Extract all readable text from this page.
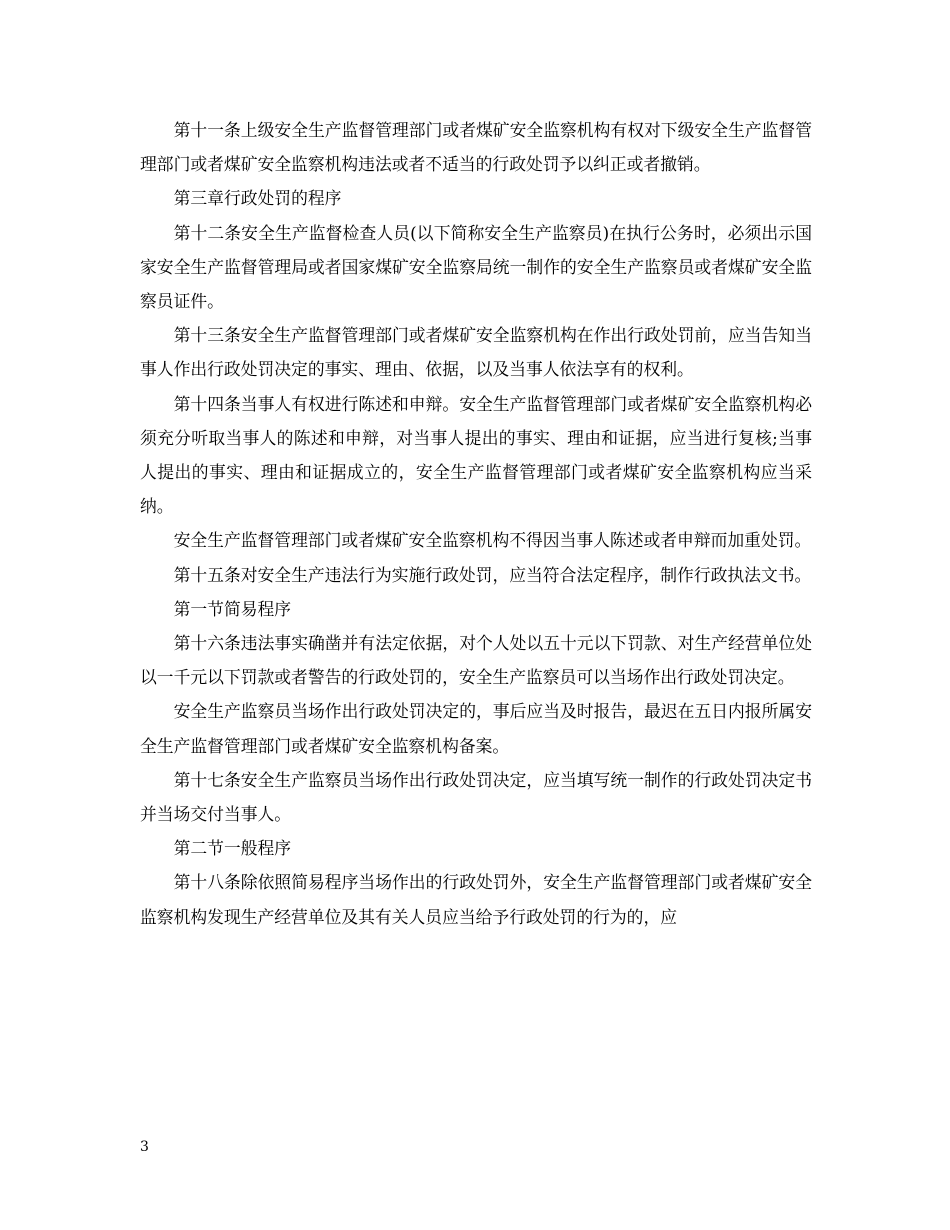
第十一条上级安全生产监督管理部门或者煤矿安全监察机构有权对下级安全生产监督管理部门或者煤矿安全监察机构违法或者不适当的行政处罚予以纠正或者撤销。

第三章行政处罚的程序

第十二条安全生产监督检查人员(以下简称安全生产监察员)在执行公务时，必须出示国家安全生产监督管理局或者国家煤矿安全监察局统一制作的安全生产监察员或者煤矿安全监察员证件。

第十三条安全生产监督管理部门或者煤矿安全监察机构在作出行政处罚前，应当告知当事人作出行政处罚决定的事实、理由、依据，以及当事人依法享有的权利。

第十四条当事人有权进行陈述和申辩。安全生产监督管理部门或者煤矿安全监察机构必须充分听取当事人的陈述和申辩，对当事人提出的事实、理由和证据，应当进行复核;当事人提出的事实、理由和证据成立的，安全生产监督管理部门或者煤矿安全监察机构应当采纳。

安全生产监督管理部门或者煤矿安全监察机构不得因当事人陈述或者申辩而加重处罚。

第十五条对安全生产违法行为实施行政处罚，应当符合法定程序，制作行政执法文书。

第一节简易程序

第十六条违法事实确凿并有法定依据，对个人处以五十元以下罚款、对生产经营单位处以一千元以下罚款或者警告的行政处罚的，安全生产监察员可以当场作出行政处罚决定。

安全生产监察员当场作出行政处罚决定的，事后应当及时报告，最迟在五日内报所属安全生产监督管理部门或者煤矿安全监察机构备案。

第十七条安全生产监察员当场作出行政处罚决定，应当填写统一制作的行政处罚决定书并当场交付当事人。

第二节一般程序

第十八条除依照简易程序当场作出的行政处罚外，安全生产监督管理部门或者煤矿安全监察机构发现生产经营单位及其有关人员应当给予行政处罚的行为的，应

3
